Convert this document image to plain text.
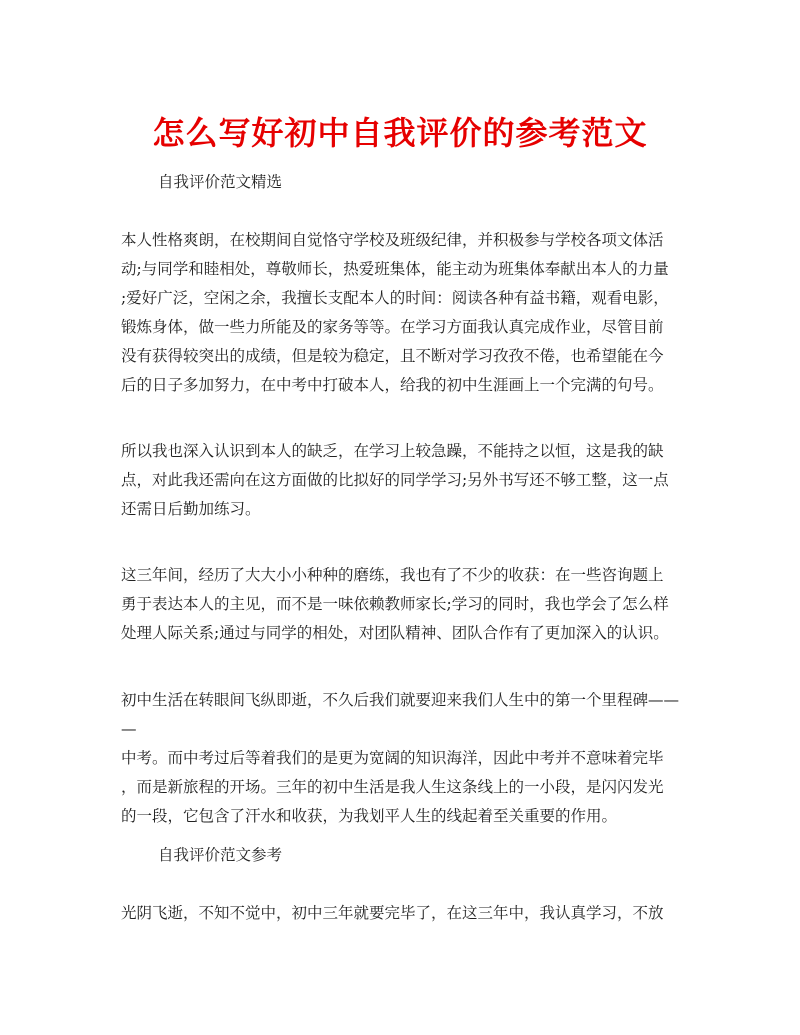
怎么写好初中自我评价的参考范文
自我评价范文精选
本人性格爽朗，在校期间自觉恪守学校及班级纪律，并积极参与学校各项文体活
动;与同学和睦相处，尊敬师长，热爱班集体，能主动为班集体奉献出本人的力量
;爱好广泛，空闲之余，我擅长支配本人的时间：阅读各种有益书籍，观看电影，
锻炼身体，做一些力所能及的家务等等。在学习方面我认真完成作业，尽管目前
没有获得较突出的成绩，但是较为稳定，且不断对学习孜孜不倦，也希望能在今
后的日子多加努力，在中考中打破本人，给我的初中生涯画上一个完满的句号。
所以我也深入认识到本人的缺乏，在学习上较急躁，不能持之以恒，这是我的缺
点，对此我还需向在这方面做的比拟好的同学学习;另外书写还不够工整，这一点
还需日后勤加练习。
这三年间，经历了大大小小种种的磨练，我也有了不少的收获：在一些咨询题上
勇于表达本人的主见，而不是一味依赖教师家长;学习的同时，我也学会了怎么样
处理人际关系;通过与同学的相处，对团队精神、团队合作有了更加深入的认识。
初中生活在转眼间飞纵即逝，不久后我们就要迎来我们人生中的第一个里程碑——
—
中考。而中考过后等着我们的是更为宽阔的知识海洋，因此中考并不意味着完毕
，而是新旅程的开场。三年的初中生活是我人生这条线上的一小段，是闪闪发光
的一段，它包含了汗水和收获，为我划平人生的线起着至关重要的作用。
自我评价范文参考
光阴飞逝，不知不觉中，初中三年就要完毕了，在这三年中，我认真学习，不放
